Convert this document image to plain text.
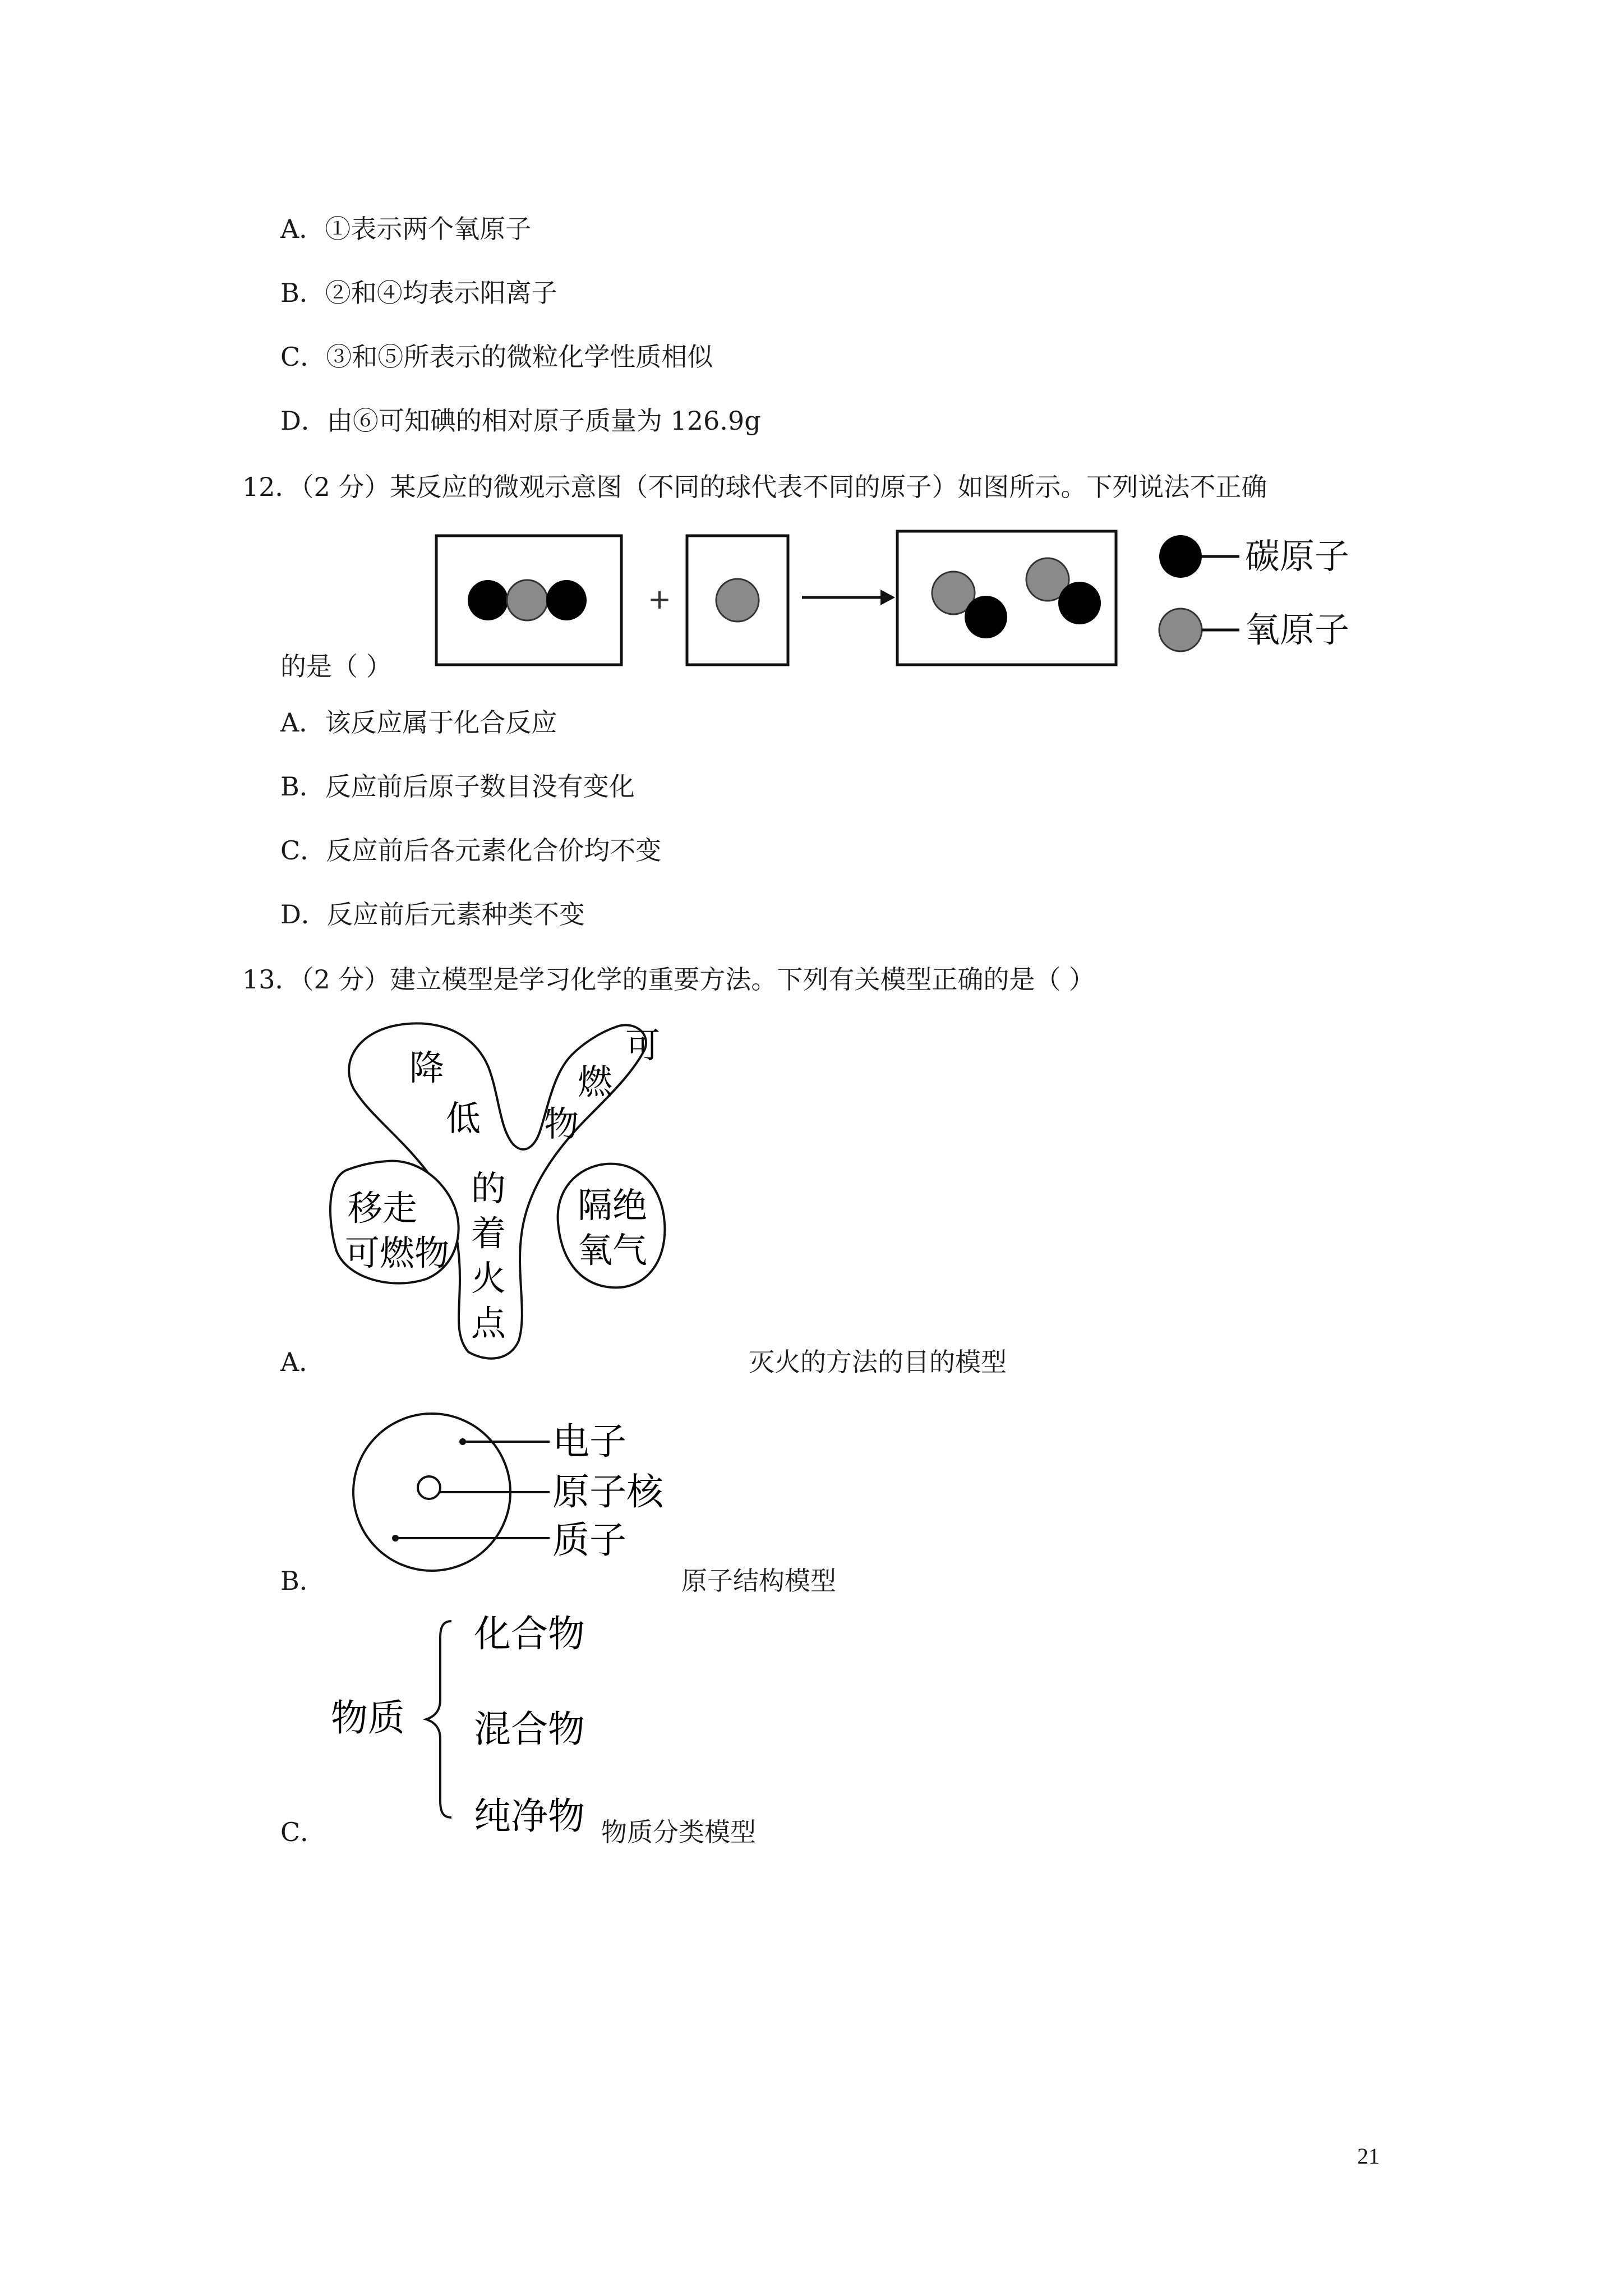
A．①表示两个氧原子
B．②和④均表示阳离子
C．③和⑤所表示的微粒化学性质相似
D．由⑥可知碘的相对原子质量为 126.9g
12．（2 分）某反应的微观示意图（不同的球代表不同的原子）如图所示。下列说法不正确
+
碳原子
氧原子
的是（ ）
A．该反应属于化合反应
B．反应前后原子数目没有变化
C．反应前后各元素化合价均不变
D．反应前后元素种类不变
13．（2 分）建立模型是学习化学的重要方法。下列有关模型正确的是（ ）
降
低
可
燃
物
的
着
火
点
移走
可燃物
隔绝
氧气
A．	灭火的方法的目的模型
电子
原子核
质子
B．	原子结构模型
物质
化合物
混合物
纯净物
C．	物质分类模型
21
